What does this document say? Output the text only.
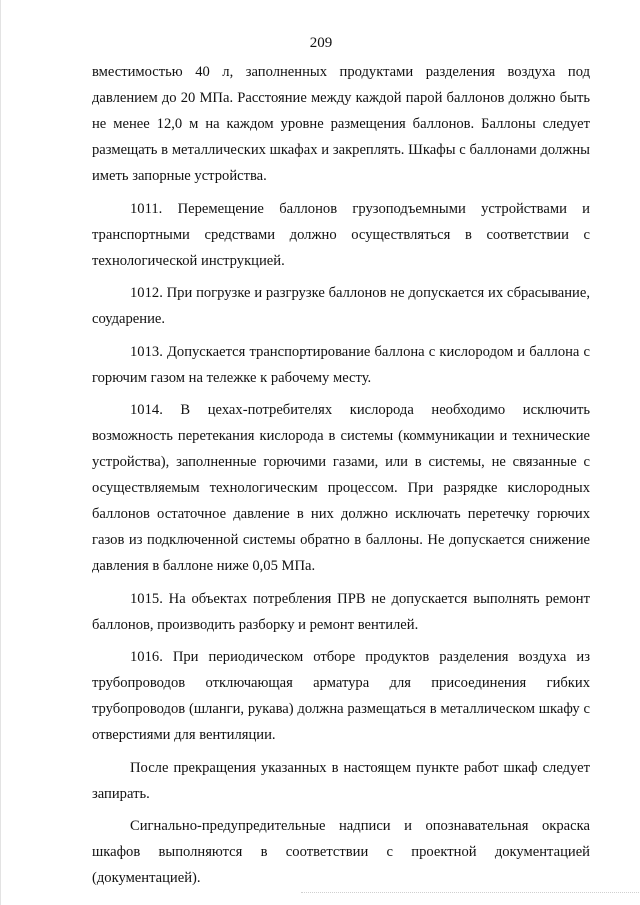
209

вместимостью 40 л, заполненных продуктами разделения воздуха под давлением до 20 МПа. Расстояние между каждой парой баллонов должно быть не менее 12,0 м на каждом уровне размещения баллонов. Баллоны следует размещать в металлических шкафах и закреплять. Шкафы с баллонами должны иметь запорные устройства.

1011. Перемещение баллонов грузоподъемными устройствами и транспортными средствами должно осуществляться в соответствии с технологической инструкцией.

1012. При погрузке и разгрузке баллонов не допускается их сбрасывание, соударение.

1013. Допускается транспортирование баллона с кислородом и баллона с горючим газом на тележке к рабочему месту.

1014. В цехах-потребителях кислорода необходимо исключить возможность перетекания кислорода в системы (коммуникации и технические устройства), заполненные горючими газами, или в системы, не связанные с осуществляемым технологическим процессом. При разрядке кислородных баллонов остаточное давление в них должно исключать перетечку горючих газов из подключенной системы обратно в баллоны. Не допускается снижение давления в баллоне ниже 0,05 МПа.

1015. На объектах потребления ПРВ не допускается выполнять ремонт баллонов, производить разборку и ремонт вентилей.

1016. При периодическом отборе продуктов разделения воздуха из трубопроводов отключающая арматура для присоединения гибких трубопроводов (шланги, рукава) должна размещаться в металлическом шкафу с отверстиями для вентиляции.

После прекращения указанных в настоящем пункте работ шкаф следует запирать.

Сигнально-предупредительные надписи и опознавательная окраска шкафов выполняются в соответствии с проектной документацией (документацией).
